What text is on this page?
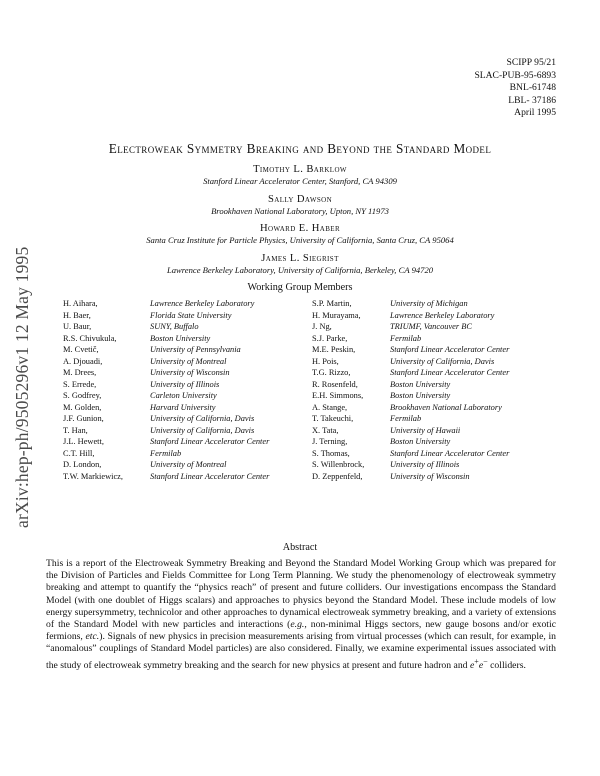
arXiv:hep-ph/9505296v1 12 May 1995
SCIPP 95/21
SLAC-PUB-95-6893
BNL-61748
LBL- 37186
April 1995
Electroweak Symmetry Breaking and Beyond the Standard Model
Timothy L. Barklow
Stanford Linear Accelerator Center, Stanford, CA 94309
Sally Dawson
Brookhaven National Laboratory, Upton, NY 11973
Howard E. Haber
Santa Cruz Institute for Particle Physics, University of California, Santa Cruz, CA 95064
James L. Siegrist
Lawrence Berkeley Laboratory, University of California, Berkeley, CA 94720
Working Group Members
H. Aihara,	Lawrence Berkeley Laboratory
H. Baer,	Florida State University
U. Baur,	SUNY, Buffalo
R.S. Chivukula,	Boston University
M. Cvetič,	University of Pennsylvania
A. Djouadi,	University of Montreal
M. Drees,	University of Wisconsin
S. Errede,	University of Illinois
S. Godfrey,	Carleton University
M. Golden,	Harvard University
J.F. Gunion,	University of California, Davis
T. Han,	University of California, Davis
J.L. Hewett,	Stanford Linear Accelerator Center
C.T. Hill,	Fermilab
D. London,	University of Montreal
T.W. Markiewicz,	Stanford Linear Accelerator Center
S.P. Martin,	University of Michigan
H. Murayama,	Lawrence Berkeley Laboratory
J. Ng,	TRIUMF, Vancouver BC
S.J. Parke,	Fermilab
M.E. Peskin,	Stanford Linear Accelerator Center
H. Pois,	University of California, Davis
T.G. Rizzo,	Stanford Linear Accelerator Center
R. Rosenfeld,	Boston University
E.H. Simmons,	Boston University
A. Stange,	Brookhaven National Laboratory
T. Takeuchi,	Fermilab
X. Tata,	University of Hawaii
J. Terning,	Boston University
S. Thomas,	Stanford Linear Accelerator Center
S. Willenbrock,	University of Illinois
D. Zeppenfeld,	University of Wisconsin
Abstract
This is a report of the Electroweak Symmetry Breaking and Beyond the Standard Model Working Group which was prepared for the Division of Particles and Fields Committee for Long Term Planning. We study the phenomenology of electroweak symmetry breaking and attempt to quantify the “physics reach” of present and future colliders. Our investigations encompass the Standard Model (with one doublet of Higgs scalars) and approaches to physics beyond the Standard Model. These include models of low energy supersymmetry, technicolor and other approaches to dynamical electroweak symmetry breaking, and a variety of extensions of the Standard Model with new particles and interactions (e.g., non-minimal Higgs sectors, new gauge bosons and/or exotic fermions, etc.). Signals of new physics in precision measurements arising from virtual processes (which can result, for example, in “anomalous” couplings of Standard Model particles) are also considered. Finally, we examine experimental issues associated with the study of electroweak symmetry breaking and the search for new physics at present and future hadron and e+e− colliders.
